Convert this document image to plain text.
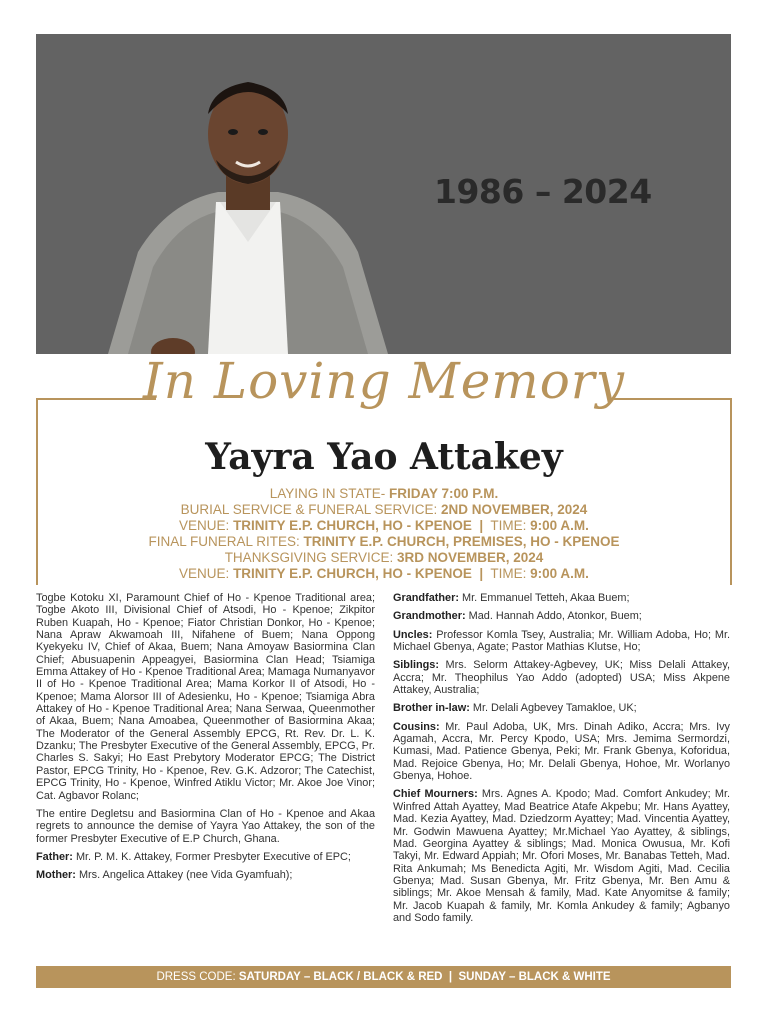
1986 – 2024
In Loving Memory
Yayra Yao Attakey
LAYING IN STATE- FRIDAY 7:00 P.M.
BURIAL SERVICE & FUNERAL SERVICE: 2ND NOVEMBER, 2024
VENUE: TRINITY E.P. CHURCH, HO - KPENOE | TIME: 9:00 A.M.
FINAL FUNERAL RITES: TRINITY E.P. CHURCH, PREMISES, HO - KPENOE
THANKSGIVING SERVICE: 3RD NOVEMBER, 2024
VENUE: TRINITY E.P. CHURCH, HO - KPENOE | TIME: 9:00 A.M.

Togbe Kotoku XI, Paramount Chief of Ho - Kpenoe Traditional area; Togbe Akoto III, Divisional Chief of Atsodi, Ho - Kpenoe; Zikpitor Ruben Kuapah, Ho - Kpenoe; Fiator Christian Donkor, Ho - Kpenoe; Nana Apraw Akwamoah III, Nifahene of Buem; Nana Oppong Kyekyeku IV, Chief of Akaa, Buem; Nana Amoyaw Basiormina Clan Chief; Abusuapenin Appeagyei, Basiormina Clan Head; Tsiamiga Emma Attakey of Ho - Kpenoe Traditional Area; Mamaga Numanyavor II of Ho - Kpenoe Traditional Area; Mama Korkor II of Atsodi, Ho - Kpenoe; Mama Alorsor III of Adesienku, Ho - Kpenoe; Tsiamiga Abra Attakey of Ho - Kpenoe Traditional Area; Nana Serwaa, Queenmother of Akaa, Buem; Nana Amoabea, Queenmother of Basiormina Akaa; The Moderator of the General Assembly EPCG, Rt. Rev. Dr. L. K. Dzanku; The Presbyter Executive of the General Assembly, EPCG, Pr. Charles S. Sakyi; Ho East Prebytory Moderator EPCG; The District Pastor, EPCG Trinity, Ho - Kpenoe, Rev. G.K. Adzoror; The Catechist, EPCG Trinity, Ho - Kpenoe, Winfred Atiklu Victor; Mr. Akoe Joe Vinor; Cat. Agbavor Rolanc;

The entire Degletsu and Basiormina Clan of Ho - Kpenoe and Akaa regrets to announce the demise of Yayra Yao Attakey, the son of the former Presbyter Executive of E.P Church, Ghana.

Father: Mr. P. M. K. Attakey, Former Presbyter Executive of EPC;

Mother: Mrs. Angelica Attakey (nee Vida Gyamfuah);

Grandfather: Mr. Emmanuel Tetteh, Akaa Buem;

Grandmother: Mad. Hannah Addo, Atonkor, Buem;

Uncles: Professor Komla Tsey, Australia; Mr. William Adoba, Ho; Mr. Michael Gbenya, Agate; Pastor Mathias Klutse, Ho;

Siblings: Mrs. Selorm Attakey-Agbevey, UK; Miss Delali Attakey, Accra; Mr. Theophilus Yao Addo (adopted) USA; Miss Akpene Attakey, Australia;

Brother in-law: Mr. Delali Agbevey Tamakloe, UK;

Cousins: Mr. Paul Adoba, UK, Mrs. Dinah Adiko, Accra; Mrs. Ivy Agamah, Accra, Mr. Percy Kpodo, USA; Mrs. Jemima Sermordzi, Kumasi, Mad. Patience Gbenya, Peki; Mr. Frank Gbenya, Koforidua, Mad. Rejoice Gbenya, Ho; Mr. Delali Gbenya, Hohoe, Mr. Worlanyo Gbenya, Hohoe.

Chief Mourners: Mrs. Agnes A. Kpodo; Mad. Comfort Ankudey; Mr. Winfred Attah Ayattey, Mad Beatrice Atafe Akpebu; Mr. Hans Ayattey, Mad. Kezia Ayattey, Mad. Dziedzorm Ayattey; Mad. Vincentia Ayattey, Mr. Godwin Mawuena Ayattey; Mr.Michael Yao Ayattey, & siblings, Mad. Georgina Ayattey & siblings; Mad. Monica Owusua, Mr. Kofi Takyi, Mr. Edward Appiah; Mr. Ofori Moses, Mr. Banabas Tetteh, Mad. Rita Ankumah; Ms Benedicta Agiti, Mr. Wisdom Agiti, Mad. Cecilia Gbenya; Mad. Susan Gbenya, Mr. Fritz Gbenya, Mr. Ben Amu & siblings; Mr. Akoe Mensah & family, Mad. Kate Anyomitse & family; Mr. Jacob Kuapah & family, Mr. Komla Ankudey & family; Agbanyo and Sodo family.

DRESS CODE: SATURDAY – BLACK / BLACK & RED | SUNDAY – BLACK & WHITE
